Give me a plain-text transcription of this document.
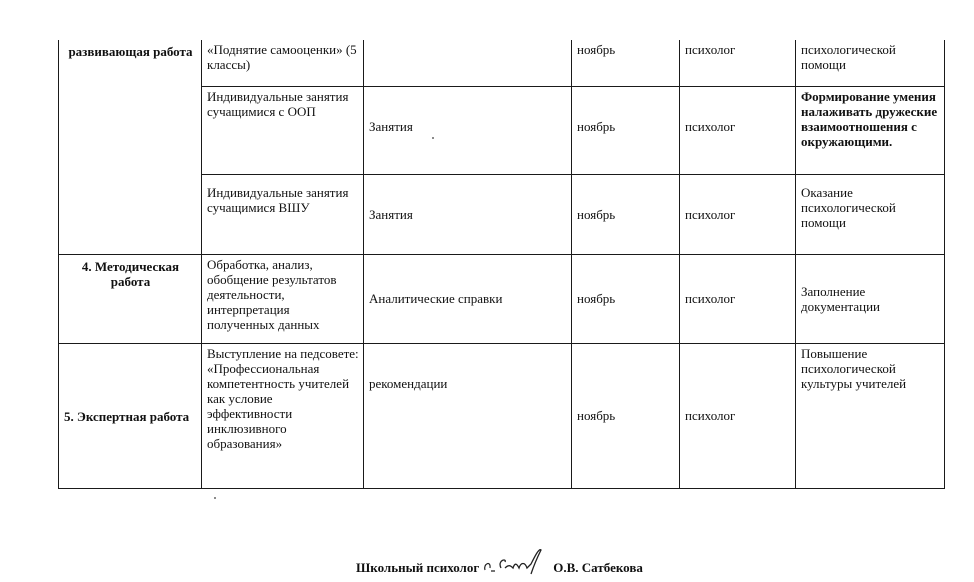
развивающая работа	«Поднятие самооценки» (5 классы)		ноябрь	психолог	психологической помощи
	Индивидуальные занятия сучащимися с ООП	Занятия	ноябрь	психолог	Формирование умения налаживать дружеские взаимоотношения с окружающими.
	Индивидуальные занятия сучащимися ВШУ	Занятия	ноябрь	психолог	Оказание психологической помощи
4. Методическая работа	Обработка, анализ, обобщение результатов деятельности, интерпретация полученных данных	Аналитические справки	ноябрь	психолог	Заполнение документации
5. Экспертная работа	Выступление на педсовете: «Профессиональная компетентность учителей как условие эффективности инклюзивного образования»	рекомендации	ноябрь	психолог	Повышение психологической культуры учителей
Школьный психолог	О.В. Сатбекова
